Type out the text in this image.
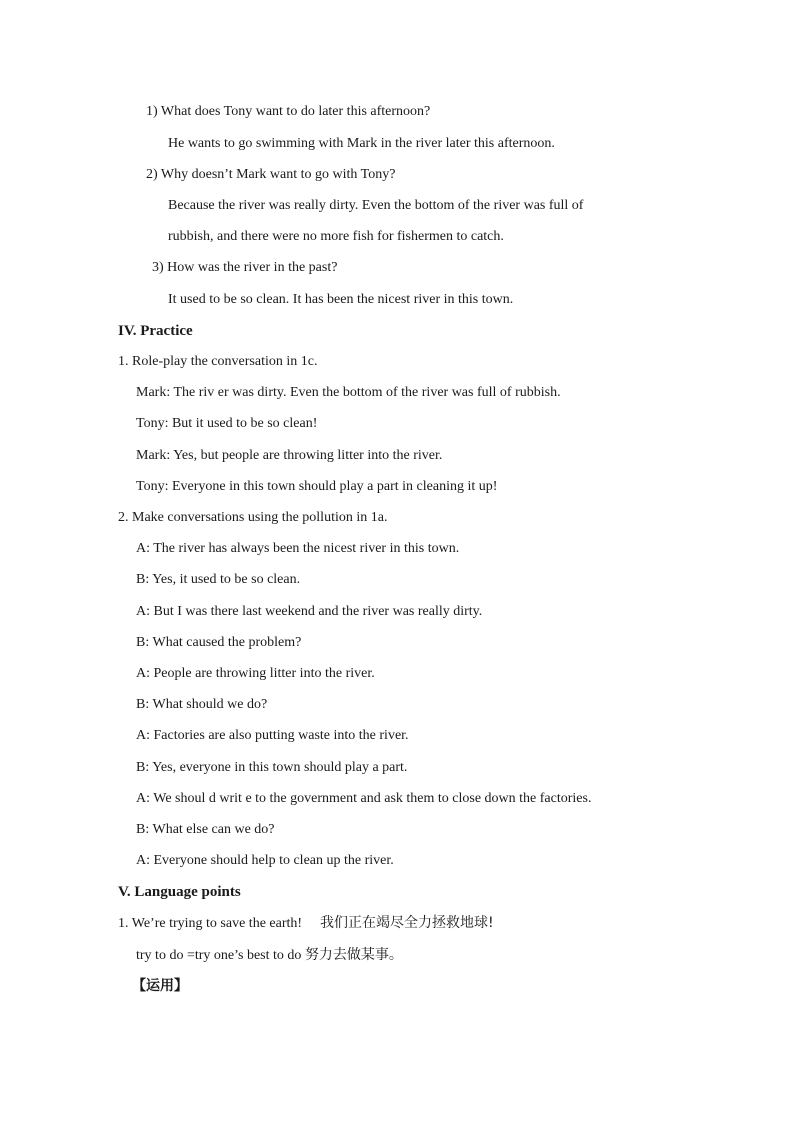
1) What does Tony want to do later this afternoon?
He wants to go swimming with Mark in the river later this afternoon.
2) Why doesn’t Mark want to go with Tony?
Because the river was really dirty. Even the bottom of the river was full of
rubbish, and there were no more fish for fishermen to catch.
3) How was the river in the past?
It used to be so clean. It has been the nicest river in this town.
IV. Practice
1. Role-play the conversation in 1c.
Mark: The riv er was dirty. Even the bottom of the river was full of rubbish.
Tony: But it used to be so clean!
Mark: Yes, but people are throwing litter into the river.
Tony: Everyone in this town should play a part in cleaning it up!
2. Make conversations using the pollution in 1a.
A: The river has always been the nicest river in this town.
B: Yes, it used to be so clean.
A: But I was there last weekend and the river was really dirty.
B: What caused the problem?
A: People are throwing litter into the river.
B: What should we do?
A: Factories are also putting waste into the river.
B: Yes, everyone in this town should play a part.
A: We shoul d writ e to the government and ask them to close down the factories.
B: What else can we do?
A: Everyone should help to clean up the river.
V. Language points
1. We’re trying to save the earth! 我们正在竭尽全力拯救地球!
try to do =try one’s best to do 努力去做某事。
【运用】
